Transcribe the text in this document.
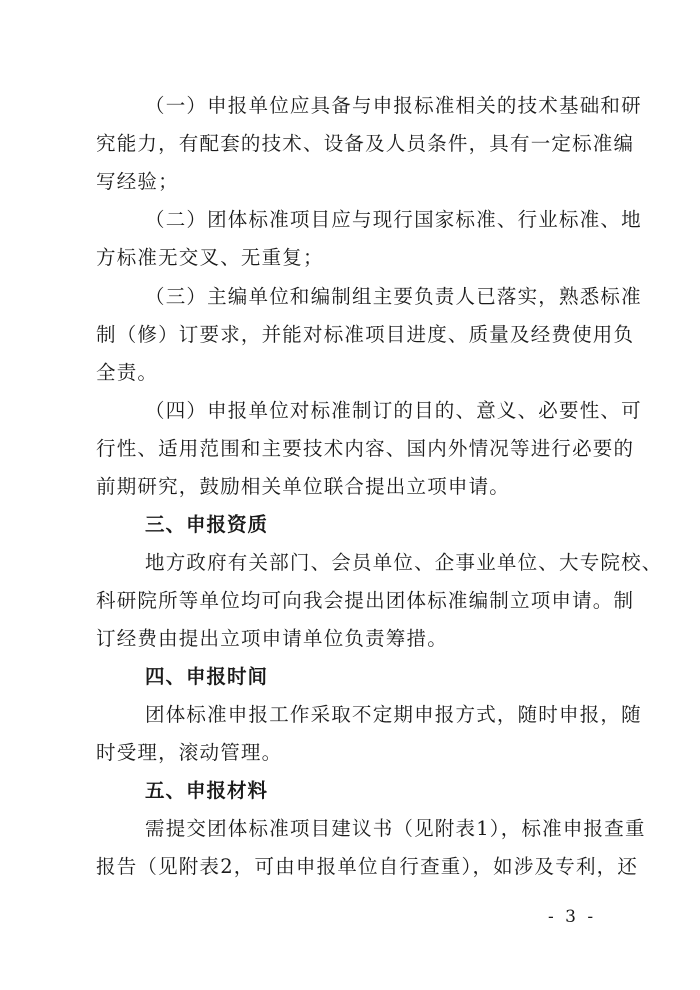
（一）申报单位应具备与申报标准相关的技术基础和研
究能力，有配套的技术、设备及人员条件，具有一定标准编
写经验；
（二）团体标准项目应与现行国家标准、行业标准、地
方标准无交叉、无重复；
（三）主编单位和编制组主要负责人已落实，熟悉标准
制（修）订要求，并能对标准项目进度、质量及经费使用负
全责。
（四）申报单位对标准制订的目的、意义、必要性、可
行性、适用范围和主要技术内容、国内外情况等进行必要的
前期研究，鼓励相关单位联合提出立项申请。
三、申报资质
地方政府有关部门、会员单位、企事业单位、大专院校、
科研院所等单位均可向我会提出团体标准编制立项申请。制
订经费由提出立项申请单位负责筹措。
四、申报时间
团体标准申报工作采取不定期申报方式，随时申报，随
时受理，滚动管理。
五、申报材料
需提交团体标准项目建议书（见附表1），标准申报查重
报告（见附表2，可由申报单位自行查重），如涉及专利，还
- 3 -
